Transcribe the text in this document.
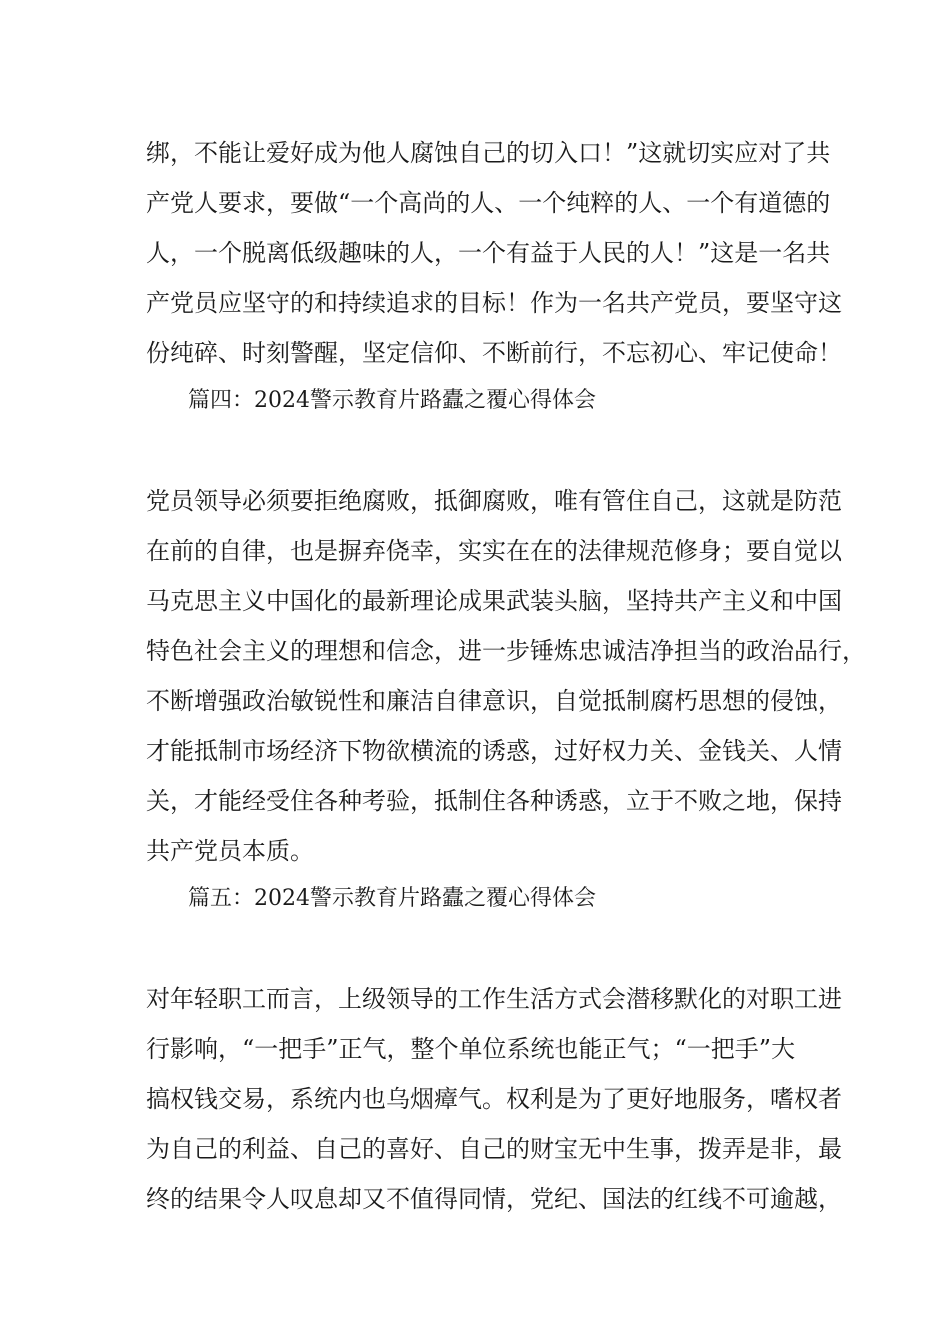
绑，不能让爱好成为他人腐蚀自己的切入口！”这就切实应对了共
产党人要求，要做“一个高尚的人、一个纯粹的人、一个有道德的
人，一个脱离低级趣味的人，一个有益于人民的人！”这是一名共
产党员应坚守的和持续追求的目标！作为一名共产党员，要坚守这
份纯碎、时刻警醒，坚定信仰、不断前行，不忘初心、牢记使命！
篇四：2024警示教育片路蠹之覆心得体会
党员领导必须要拒绝腐败，抵御腐败，唯有管住自己，这就是防范
在前的自律，也是摒弃侥幸，实实在在的法律规范修身；要自觉以
马克思主义中国化的最新理论成果武装头脑，坚持共产主义和中国
特色社会主义的理想和信念，进一步锤炼忠诚洁净担当的政治品行，
不断增强政治敏锐性和廉洁自律意识，自觉抵制腐朽思想的侵蚀，
才能抵制市场经济下物欲横流的诱惑，过好权力关、金钱关、人情
关，才能经受住各种考验，抵制住各种诱惑，立于不败之地，保持
共产党员本质。
篇五：2024警示教育片路蠹之覆心得体会
对年轻职工而言，上级领导的工作生活方式会潜移默化的对职工进
行影响，“一把手”正气，整个单位系统也能正气；“一把手”大
搞权钱交易，系统内也乌烟瘴气。权利是为了更好地服务，嗜权者
为自己的利益、自己的喜好、自己的财宝无中生事，拨弄是非，最
终的结果令人叹息却又不值得同情，党纪、国法的红线不可逾越，
